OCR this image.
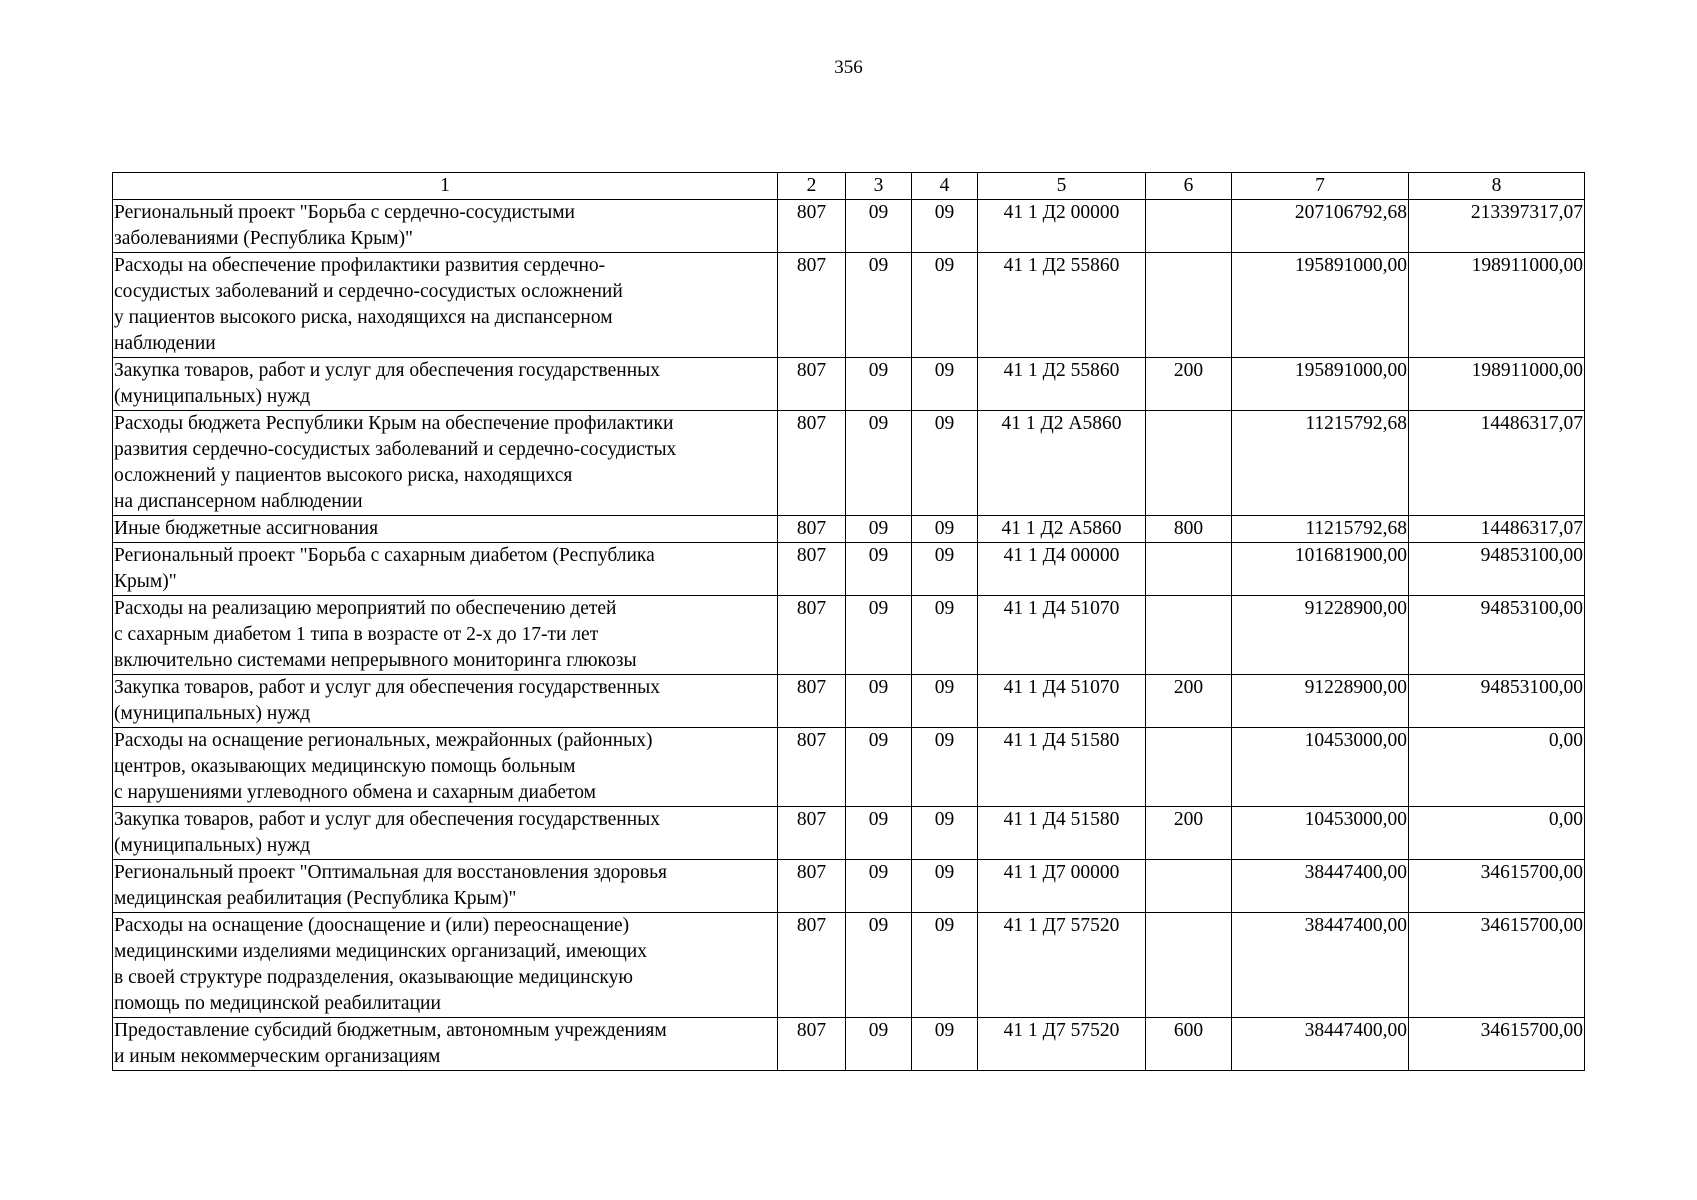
356
1	2	3	4	5	6	7	8
Региональный проект "Борьба с сердечно-сосудистыми
заболеваниями (Республика Крым)"	807	09	09	41 1 Д2 00000		207106792,68	213397317,07
Расходы на обеспечение профилактики развития сердечно-
сосудистых заболеваний и сердечно-сосудистых осложнений
у пациентов высокого риска, находящихся на диспансерном
наблюдении	807	09	09	41 1 Д2 55860		195891000,00	198911000,00
Закупка товаров, работ и услуг для обеспечения государственных
(муниципальных) нужд	807	09	09	41 1 Д2 55860	200	195891000,00	198911000,00
Расходы бюджета Республики Крым на обеспечение профилактики
развития сердечно-сосудистых заболеваний и сердечно-сосудистых
осложнений у пациентов высокого риска, находящихся
на диспансерном наблюдении	807	09	09	41 1 Д2 А5860		11215792,68	14486317,07
Иные бюджетные ассигнования	807	09	09	41 1 Д2 А5860	800	11215792,68	14486317,07
Региональный проект "Борьба с сахарным диабетом (Республика
Крым)"	807	09	09	41 1 Д4 00000		101681900,00	94853100,00
Расходы на реализацию мероприятий по обеспечению детей
с сахарным диабетом 1 типа в возрасте от 2-х до 17-ти лет
включительно системами непрерывного мониторинга глюкозы	807	09	09	41 1 Д4 51070		91228900,00	94853100,00
Закупка товаров, работ и услуг для обеспечения государственных
(муниципальных) нужд	807	09	09	41 1 Д4 51070	200	91228900,00	94853100,00
Расходы на оснащение региональных, межрайонных (районных)
центров, оказывающих медицинскую помощь больным
с нарушениями углеводного обмена и сахарным диабетом	807	09	09	41 1 Д4 51580		10453000,00	0,00
Закупка товаров, работ и услуг для обеспечения государственных
(муниципальных) нужд	807	09	09	41 1 Д4 51580	200	10453000,00	0,00
Региональный проект "Оптимальная для восстановления здоровья
медицинская реабилитация (Республика Крым)"	807	09	09	41 1 Д7 00000		38447400,00	34615700,00
Расходы на оснащение (дооснащение и (или) переоснащение)
медицинскими изделиями медицинских организаций, имеющих
в своей структуре подразделения, оказывающие медицинскую
помощь по медицинской реабилитации	807	09	09	41 1 Д7 57520		38447400,00	34615700,00
Предоставление субсидий бюджетным, автономным учреждениям
и иным некоммерческим организациям	807	09	09	41 1 Д7 57520	600	38447400,00	34615700,00
